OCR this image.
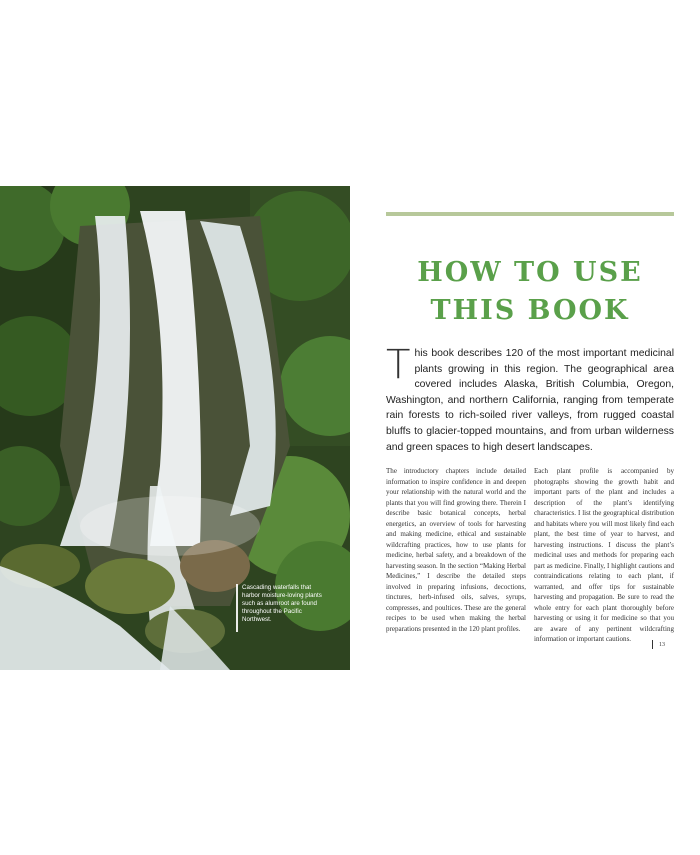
Cascading waterfalls that harbor moisture-loving plants such as alumroot are found throughout the Pacific Northwest.
HOW TO USE
THIS BOOK
This book describes 120 of the most important medicinal plants growing in this region. The geographical area covered includes Alaska, British Columbia, Oregon, Washington, and northern California, ranging from temperate rain forests to rich-soiled river valleys, from rugged coastal bluffs to glacier-topped mountains, and from urban wilderness and green spaces to high desert landscapes.
The introductory chapters include detailed information to inspire confidence in and deepen your relationship with the natural world and the plants that you will find growing there. Therein I describe basic botanical concepts, herbal energetics, an overview of tools for harvesting and making medicine, ethical and sustainable wildcrafting practices, how to use plants for medicine, herbal safety, and a breakdown of the harvesting season. In the section “Making Herbal Medicines,” I describe the detailed steps involved in preparing infusions, decoctions, tinctures, herb-infused oils, salves, syrups, compresses, and poultices. These are the general recipes to be used when making the herbal preparations presented in the 120 plant profiles.
Each plant profile is accompanied by photographs showing the growth habit and important parts of the plant and includes a description of the plant’s identifying characteristics. I list the geographical distribution and habitats where you will most likely find each plant, the best time of year to harvest, and harvesting instructions. I discuss the plant’s medicinal uses and methods for preparing each part as medicine. Finally, I highlight cautions and contraindications relating to each plant, if warranted, and offer tips for sustainable harvesting and propagation. Be sure to read the whole entry for each plant thoroughly before harvesting or using it for medicine so that you are aware of any pertinent wildcrafting information or important cautions.
13
